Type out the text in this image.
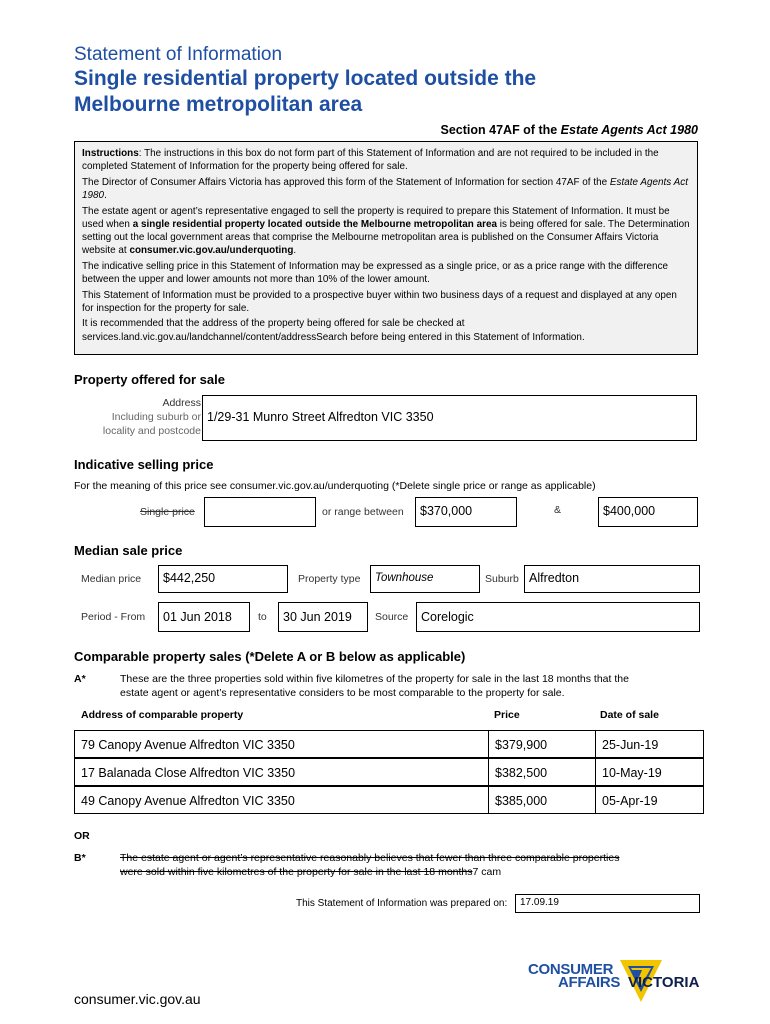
Statement of Information
Single residential property located outside the
Melbourne metropolitan area
Section 47AF of the Estate Agents Act 1980

Instructions: The instructions in this box do not form part of this Statement of Information and are not required to be included in the completed Statement of Information for the property being offered for sale.

The Director of Consumer Affairs Victoria has approved this form of the Statement of Information for section 47AF of the Estate Agents Act 1980.

The estate agent or agent’s representative engaged to sell the property is required to prepare this Statement of Information. It must be used when a single residential property located outside the Melbourne metropolitan area is being offered for sale. The Determination setting out the local government areas that comprise the Melbourne metropolitan area is published on the Consumer Affairs Victoria website at consumer.vic.gov.au/underquoting.

The indicative selling price in this Statement of Information may be expressed as a single price, or as a price range with the difference between the upper and lower amounts not more than 10% of the lower amount.

This Statement of Information must be provided to a prospective buyer within two business days of a request and displayed at any open for inspection for the property for sale.

It is recommended that the address of the property being offered for sale be checked at services.land.vic.gov.au/landchannel/content/addressSearch before being entered in this Statement of Information.

Property offered for sale
Address
Including suburb or
locality and postcode
1/29-31 Munro Street Alfredton VIC 3350
Indicative selling price
For the meaning of this price see consumer.vic.gov.au/underquoting (*Delete single price or range as applicable)
Single price	or range between	$370,000	&	$400,000
Median sale price
Median price	$442,250	Property type	Townhouse	Suburb Alfredton
Period - From	01 Jun 2018	to	30 Jun 2019	Source	Corelogic
Comparable property sales (*Delete A or B below as applicable)
A*	These are the three properties sold within five kilometres of the property for sale in the last 18 months that the
estate agent or agent’s representative considers to be most comparable to the property for sale.
Address of comparable property	Price	Date of sale
79 Canopy Avenue Alfredton VIC 3350	$379,900	25-Jun-19
17 Balanada Close Alfredton VIC 3350	$382,500	10-May-19
49 Canopy Avenue Alfredton VIC 3350	$385,000	05-Apr-19
OR
B*	The estate agent or agent’s representative reasonably believes that fewer than three comparable properties
were sold within five kilometres of the property for sale in the last 18 months7 cam
This Statement of Information was prepared on:	17.09.19
CONSUMER
AFFAIRS VICTORIA
consumer.vic.gov.au
